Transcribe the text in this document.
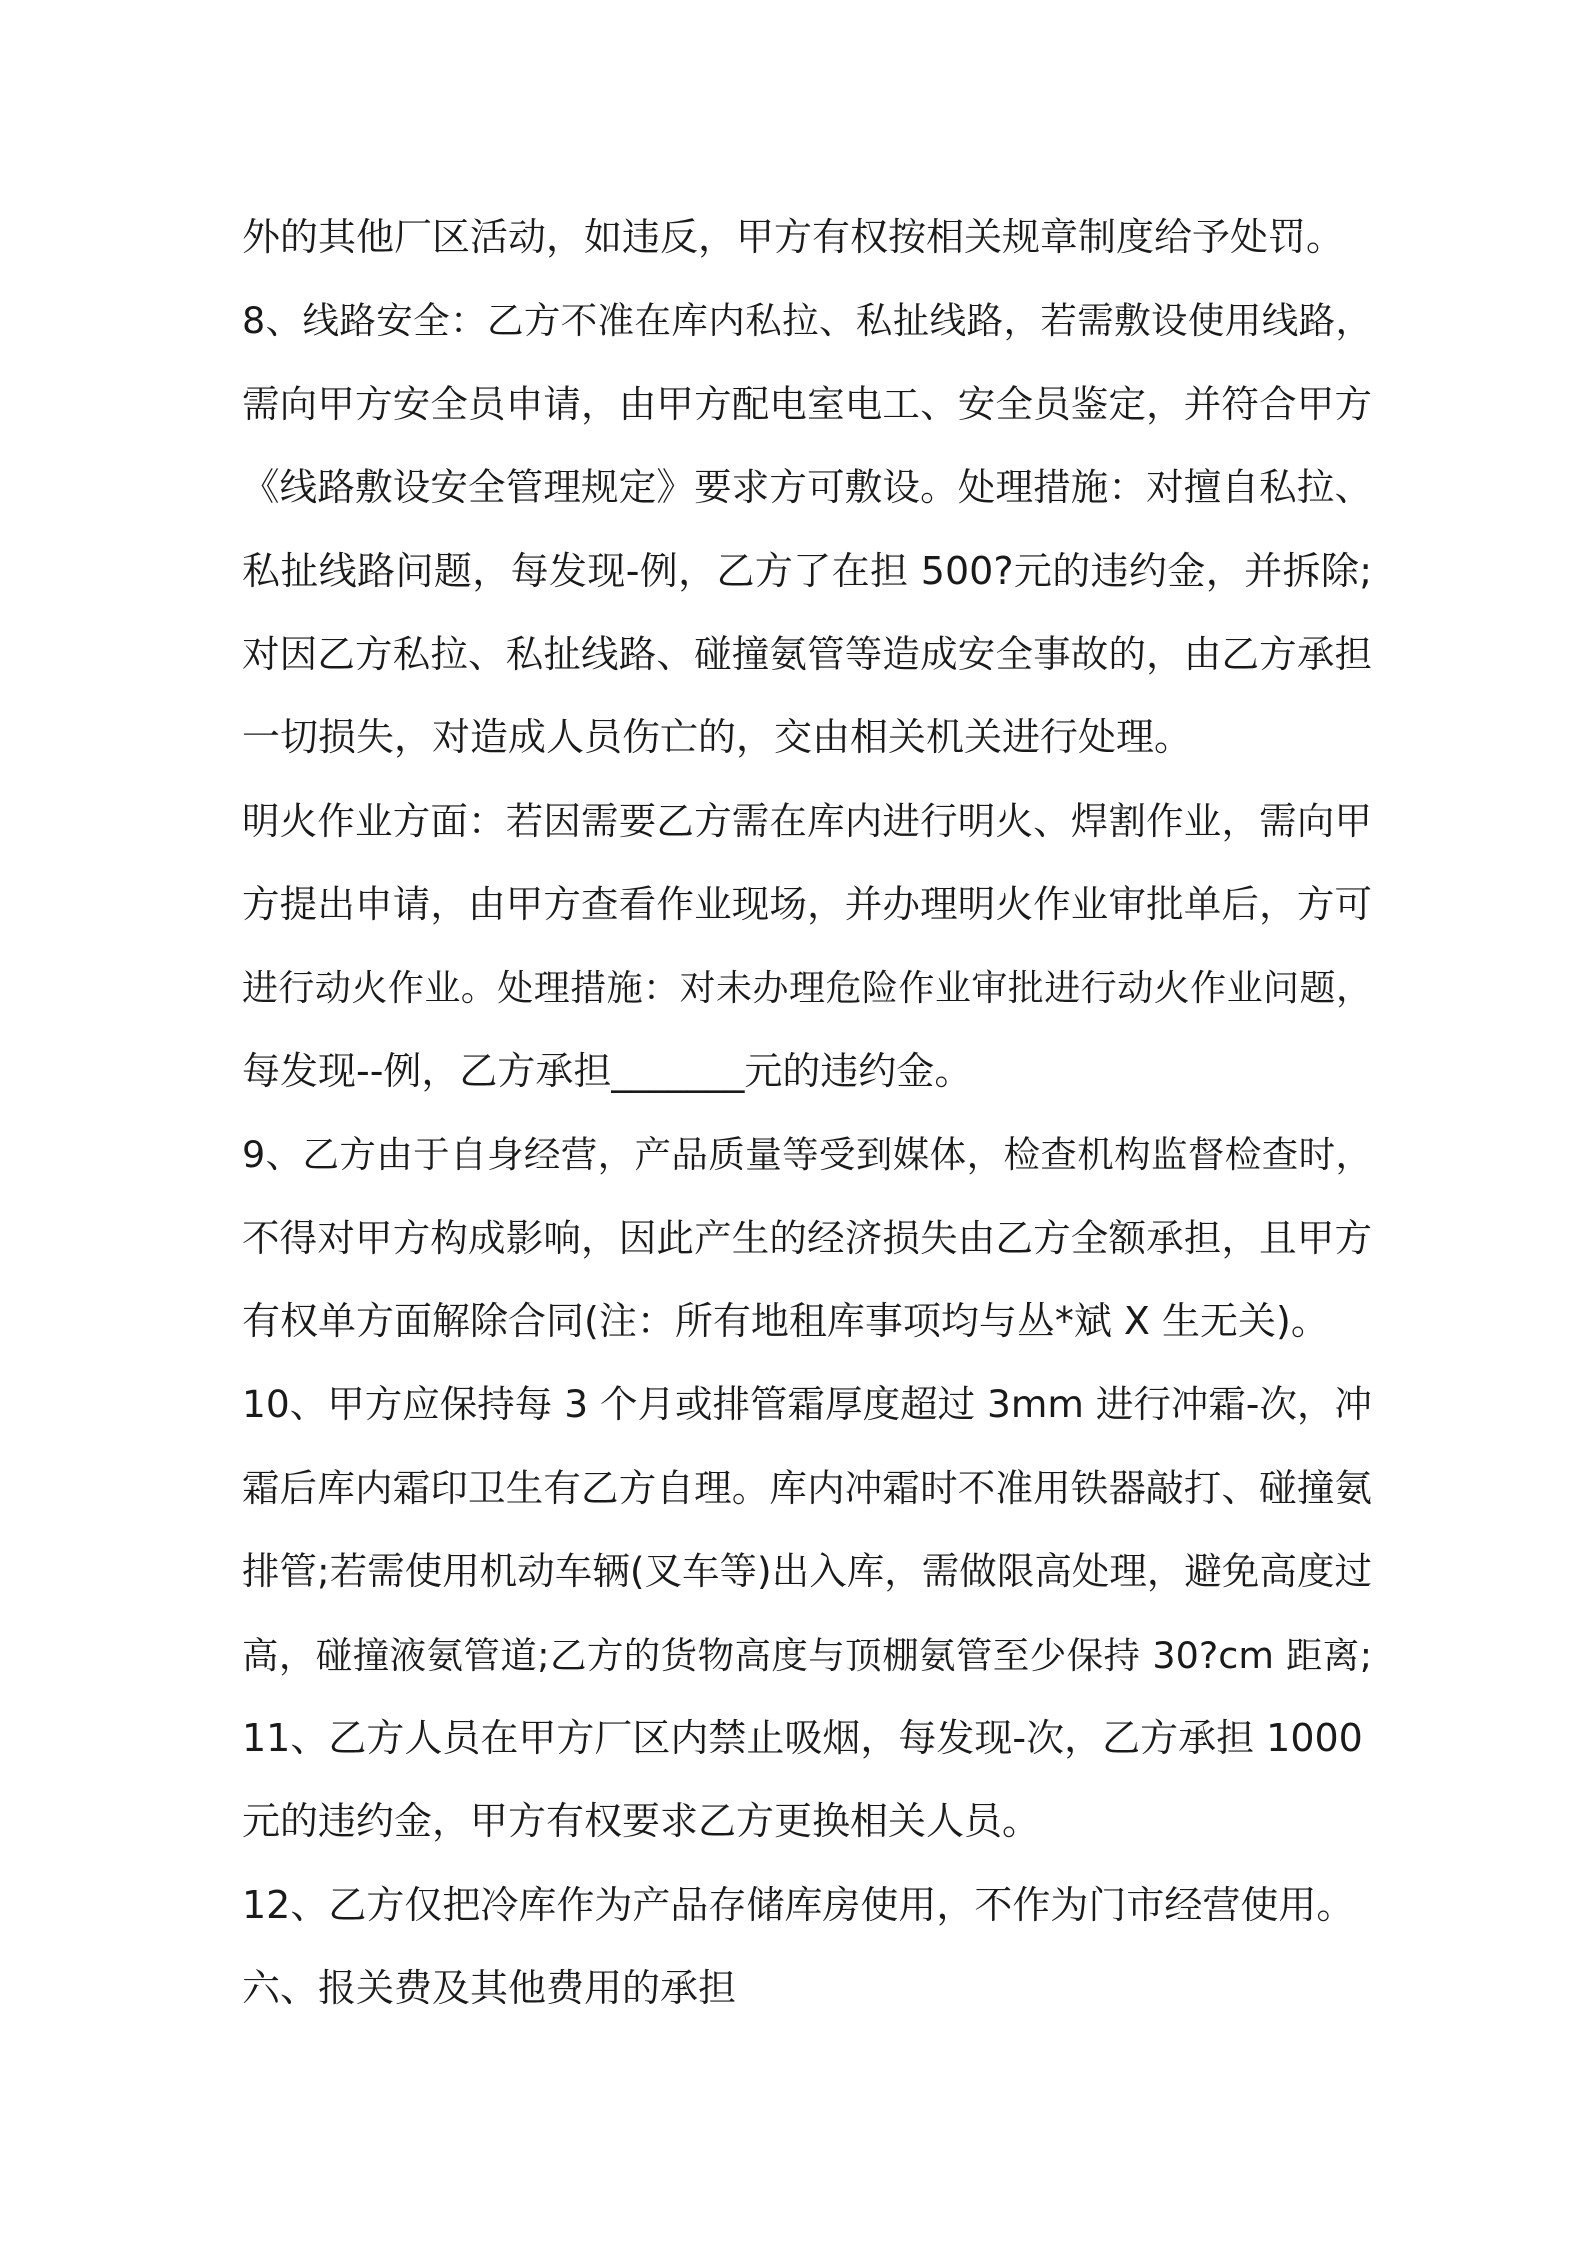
外的其他厂区活动，如违反，甲方有权按相关规章制度给予处罚。
8、线路安全：乙方不准在库内私拉、私扯线路，若需敷设使用线路，
需向甲方安全员申请，由甲方配电室电工、安全员鉴定，并符合甲方
《线路敷设安全管理规定》要求方可敷设。处理措施：对擅自私拉、
私扯线路问题，每发现-例，乙方了在担 500?元的违约金，并拆除;
对因乙方私拉、私扯线路、碰撞氨管等造成安全事故的，由乙方承担
一切损失，对造成人员伤亡的，交由相关机关进行处理。
明火作业方面：若因需要乙方需在库内进行明火、焊割作业，需向甲
方提出申请，由甲方查看作业现场，并办理明火作业审批单后，方可
进行动火作业。处理措施：对未办理危险作业审批进行动火作业问题，
每发现--例，乙方承担_______元的违约金。
9、乙方由于自身经营，产品质量等受到媒体，检查机构监督检查时，
不得对甲方构成影响，因此产生的经济损失由乙方全额承担，且甲方
有权单方面解除合同(注：所有地租库事项均与丛*斌 X 生无关)。
10、甲方应保持每 3 个月或排管霜厚度超过 3mm 进行冲霜-次，冲
霜后库内霜印卫生有乙方自理。库内冲霜时不准用铁器敲打、碰撞氨
排管;若需使用机动车辆(叉车等)出入库，需做限高处理，避免高度过
高，碰撞液氨管道;乙方的货物高度与顶棚氨管至少保持 30?cm 距离;
11、乙方人员在甲方厂区内禁止吸烟，每发现-次，乙方承担 1000
元的违约金，甲方有权要求乙方更换相关人员。
12、乙方仅把冷库作为产品存储库房使用，不作为门市经营使用。
六、报关费及其他费用的承担
